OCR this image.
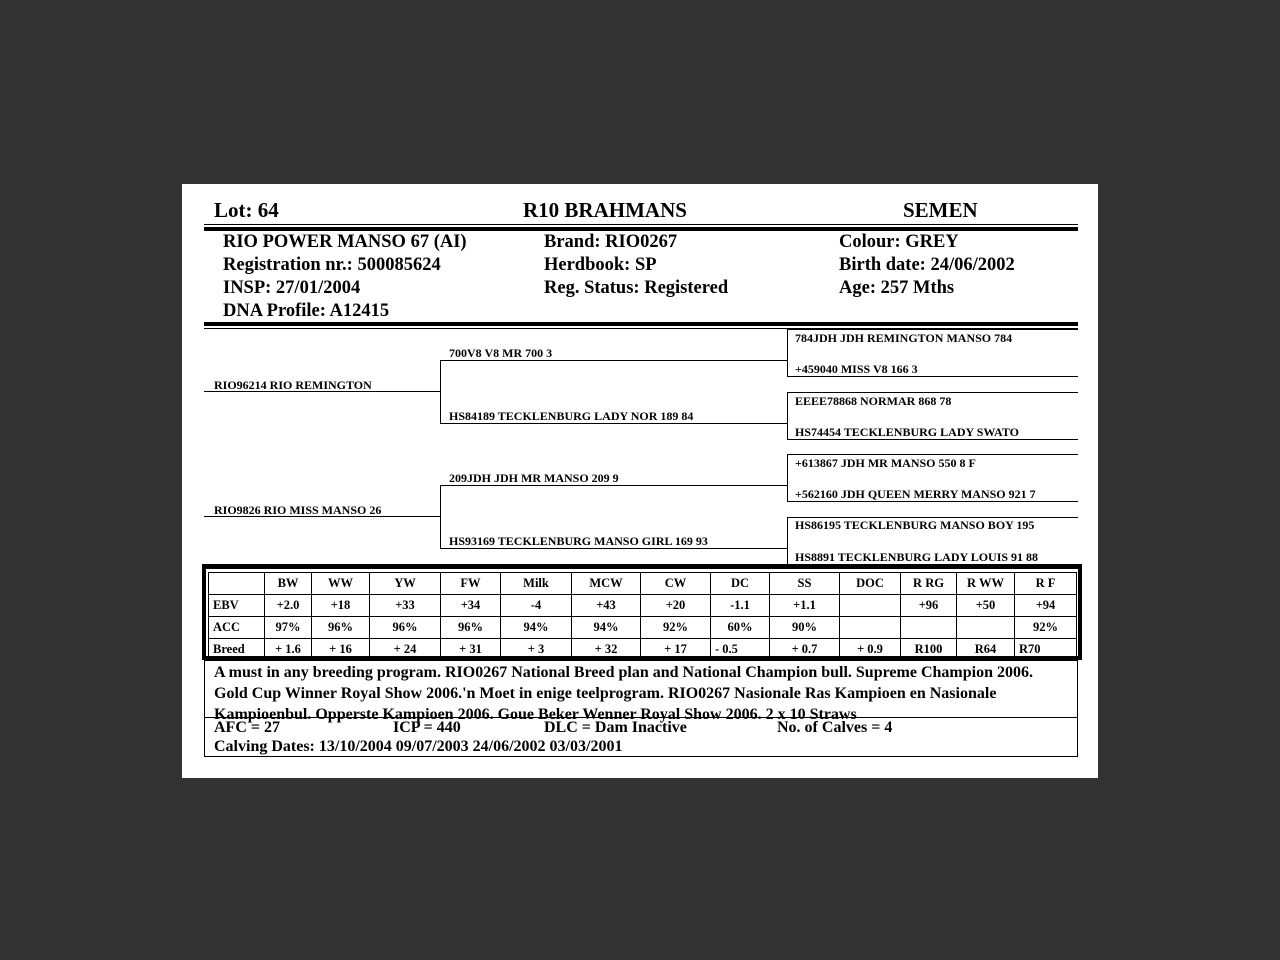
Lot: 64	R10 BRAHMANS	SEMEN
RIO POWER MANSO 67 (AI)
Registration nr.: 500085624
INSP: 27/01/2004
DNA Profile: A12415
Brand: RIO0267
Herdbook: SP
Reg. Status: Registered
Colour: GREY
Birth date: 24/06/2002
Age: 257 Mths
RIO96214 RIO REMINGTON
RIO9826 RIO MISS MANSO 26
700V8 V8 MR 700 3
HS84189 TECKLENBURG LADY NOR 189 84
209JDH JDH MR MANSO 209 9
HS93169 TECKLENBURG MANSO GIRL 169 93
784JDH JDH REMINGTON MANSO 784
+459040 MISS V8 166 3
EEEE78868 NORMAR 868 78
HS74454 TECKLENBURG LADY SWATO
+613867 JDH MR MANSO 550 8 F
+562160 JDH QUEEN MERRY MANSO 921 7
HS86195 TECKLENBURG MANSO BOY 195
HS8891 TECKLENBURG LADY LOUIS 91 88
	BW	WW	YW	FW	Milk	MCW	CW	DC	SS	DOC	R RG	R WW	R F
EBV	+2.0	+18	+33	+34	-4	+43	+20	-1.1	+1.1		+96	+50	+94
ACC	97%	96%	96%	96%	94%	94%	92%	60%	90%				92%
Breed	+ 1.6	+ 16	+ 24	+ 31	+ 3	+ 32	+ 17	- 0.5	+ 0.7	+ 0.9	R100	R64	R70

A must in any breeding program. RIO0267 National Breed plan and National Champion bull. Supreme Champion 2006.

Gold Cup Winner Royal Show 2006.'n Moet in enige teelprogram. RIO0267 Nasionale Ras Kampioen en Nasionale

Kampioenbul. Opperste Kampioen 2006. Goue Beker Wenner Royal Show 2006. 2 x 10 Straws

AFC = 27	ICP = 440	DLC = Dam Inactive	No. of Calves = 4
Calving Dates: 13/10/2004 09/07/2003 24/06/2002 03/03/2001
